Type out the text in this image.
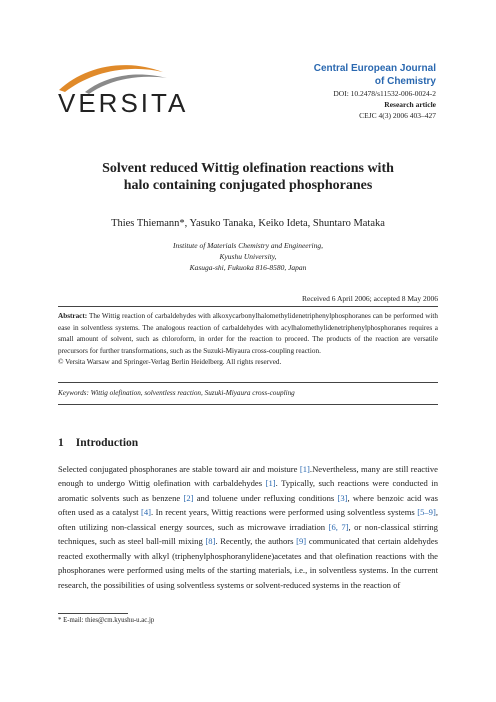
VERSITA
Central European Journal
of Chemistry
DOI: 10.2478/s11532-006-0024-2
Research article
CEJC 4(3) 2006 403–427
Solvent reduced Wittig olefination reactions with
halo containing conjugated phosphoranes
Thies Thiemann*, Yasuko Tanaka, Keiko Ideta, Shuntaro Mataka
Institute of Materials Chemistry and Engineering,
Kyushu University,
Kasuga-shi, Fukuoka 816-8580, Japan
Received 6 April 2006; accepted 8 May 2006
Abstract: The Wittig reaction of carbaldehydes with alkoxycarbonylhalomethylidenetriphenylphosphoranes can be performed with ease in solventless systems. The analogous reaction of carbaldehydes with acylhalomethylidenetriphenylphosphoranes requires a small amount of solvent, such as chloroform, in order for the reaction to proceed. The products of the reaction are versatile precursors for further transformations, such as the Suzuki-Miyaura cross-coupling reaction.
© Versita Warsaw and Springer-Verlag Berlin Heidelberg. All rights reserved.
Keywords: Wittig olefination, solventless reaction, Suzuki-Miyaura cross-coupling
1 Introduction

Selected conjugated phosphoranes are stable toward air and moisture [1].Nevertheless, many are still reactive enough to undergo Wittig olefination with carbaldehydes [1]. Typically, such reactions were conducted in aromatic solvents such as benzene [2] and toluene under refluxing conditions [3], where benzoic acid was often used as a catalyst [4]. In recent years, Wittig reactions were performed using solventless systems [5–9], often utilizing non-classical energy sources, such as microwave irradiation [6, 7], or non-classical stirring techniques, such as steel ball-mill mixing [8]. Recently, the authors [9] communicated that certain aldehydes reacted exothermally with alkyl (triphenylphosphoranylidene)acetates and that olefination reactions with the phosphoranes were performed using melts of the starting materials, i.e., in solventless systems. In the current research, the possibilities of using solventless systems or solvent-reduced systems in the reaction of

* E-mail: thies@cm.kyushu-u.ac.jp
